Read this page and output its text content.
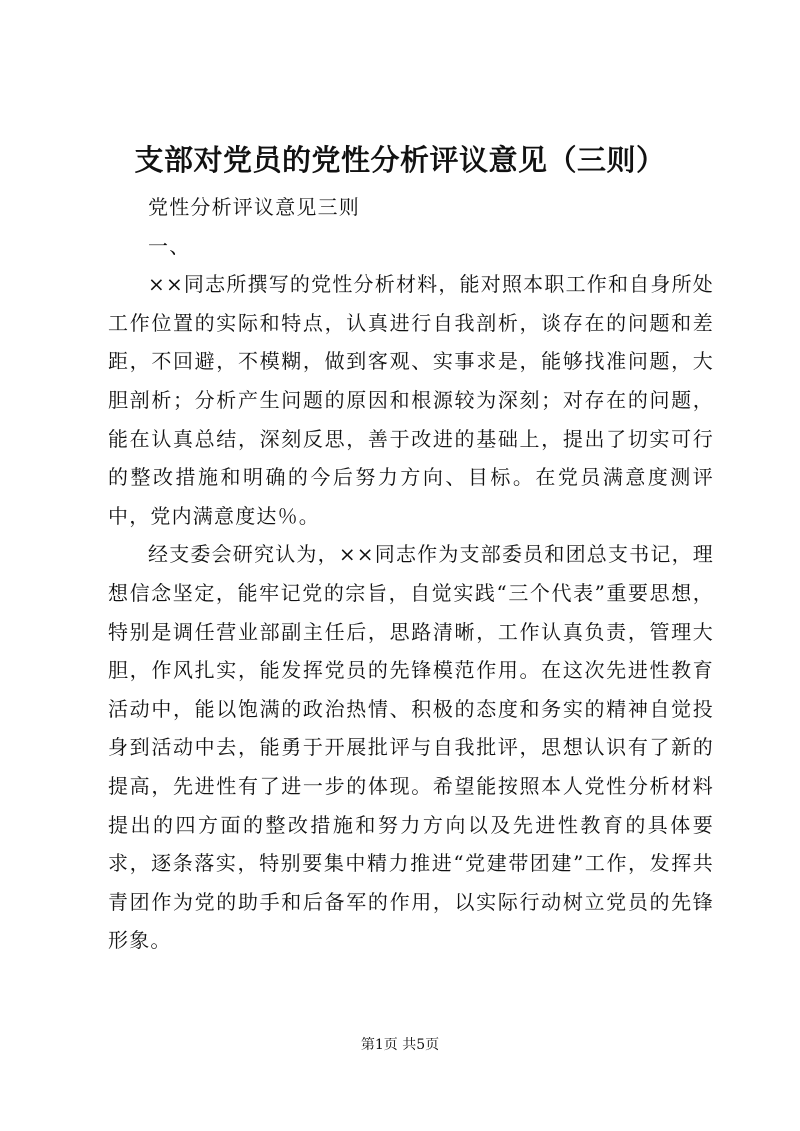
支部对党员的党性分析评议意见（三则）

党性分析评议意见三则

一、

××同志所撰写的党性分析材料，能对照本职工作和自身所处工作位置的实际和特点，认真进行自我剖析，谈存在的问题和差距，不回避，不模糊，做到客观、实事求是，能够找准问题，大胆剖析；分析产生问题的原因和根源较为深刻；对存在的问题，能在认真总结，深刻反思，善于改进的基础上，提出了切实可行的整改措施和明确的今后努力方向、目标。在党员满意度测评中，党内满意度达％。

经支委会研究认为，××同志作为支部委员和团总支书记，理想信念坚定，能牢记党的宗旨，自觉实践“三个代表”重要思想，特别是调任营业部副主任后，思路清晰，工作认真负责，管理大胆，作风扎实，能发挥党员的先锋模范作用。在这次先进性教育活动中，能以饱满的政治热情、积极的态度和务实的精神自觉投身到活动中去，能勇于开展批评与自我批评，思想认识有了新的提高，先进性有了进一步的体现。希望能按照本人党性分析材料提出的四方面的整改措施和努力方向以及先进性教育的具体要求，逐条落实，特别要集中精力推进“党建带团建”工作，发挥共青团作为党的助手和后备军的作用，以实际行动树立党员的先锋形象。

第1页 共5页
